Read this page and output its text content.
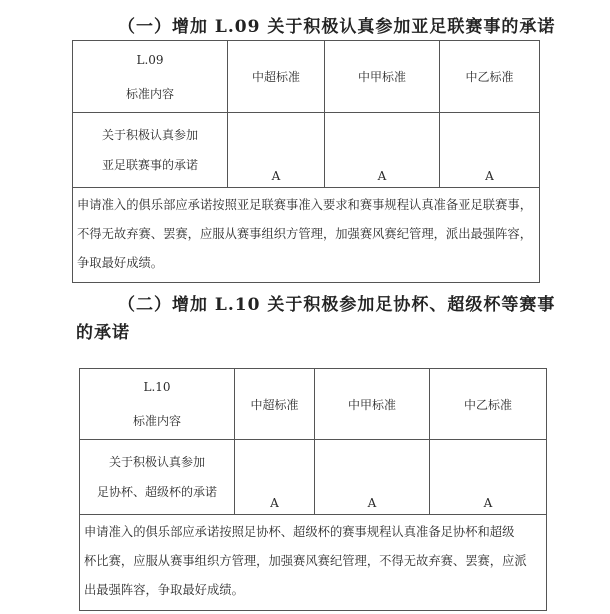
（一）增加 L.09 关于积极认真参加亚足联赛事的承诺
L.09
标准内容	中超标准	中甲标准	中乙标准

关于积极认真参加
亚足联赛事的承诺	A	A	A

申请准入的俱乐部应承诺按照亚足联赛事准入要求和赛事规程认真准备亚足联赛事，
不得无故弃赛、罢赛，应服从赛事组织方管理，加强赛风赛纪管理，派出最强阵容，
争取最好成绩。			
（二）增加 L.10 关于积极参加足协杯、超级杯等赛事
的承诺
L.10
标准内容	中超标准	中甲标准	中乙标准

关于积极认真参加
足协杯、超级杯的承诺	A	A	A

申请准入的俱乐部应承诺按照足协杯、超级杯的赛事规程认真准备足协杯和超级
杯比赛，应服从赛事组织方管理，加强赛风赛纪管理，不得无故弃赛、罢赛，应派
出最强阵容，争取最好成绩。			
